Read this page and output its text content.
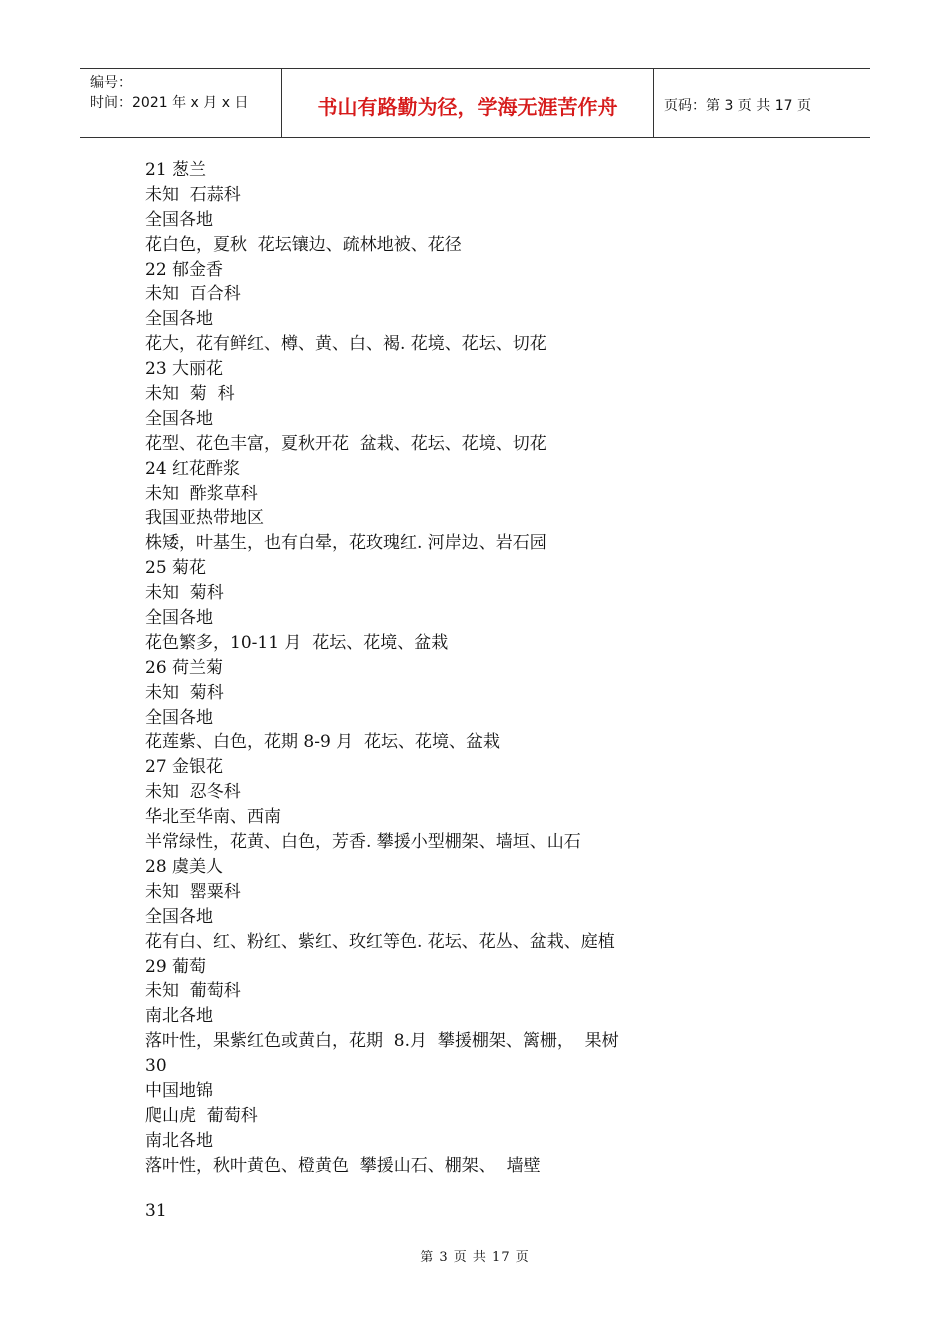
编号：
时间：2021 年 x 月 x 日	书山有路勤为径，学海无涯苦作舟	页码：第 3 页 共 17 页
21 葱兰
未知  石蒜科
全国各地
花白色，夏秋  花坛镶边、疏林地被、花径
22 郁金香
未知  百合科
全国各地
花大，花有鲜红、樽、黄、白、褐. 花境、花坛、切花
23 大丽花
未知  菊  科
全国各地
花型、花色丰富，夏秋开花  盆栽、花坛、花境、切花
24 红花酢浆
未知  酢浆草科
我国亚热带地区
株矮，叶基生，也有白晕，花玫瑰红. 河岸边、岩石园
25 菊花
未知  菊科
全国各地
花色繁多，10-11 月  花坛、花境、盆栽
26 荷兰菊
未知  菊科
全国各地
花莲紫、白色，花期 8-9 月  花坛、花境、盆栽
27 金银花
未知  忍冬科
华北至华南、西南
半常绿性，花黄、白色，芳香. 攀援小型棚架、墙垣、山石
28 虞美人
未知  罂粟科
全国各地
花有白、红、粉红、紫红、玫红等色. 花坛、花丛、盆栽、庭植
29 葡萄
未知  葡萄科
南北各地
落叶性，果紫红色或黄白，花期  8.月  攀援棚架、篱栅，  果树
30
中国地锦
爬山虎  葡萄科
南北各地
落叶性，秋叶黄色、橙黄色  攀援山石、棚架、  墙壁
31
第 3 页 共 17 页
